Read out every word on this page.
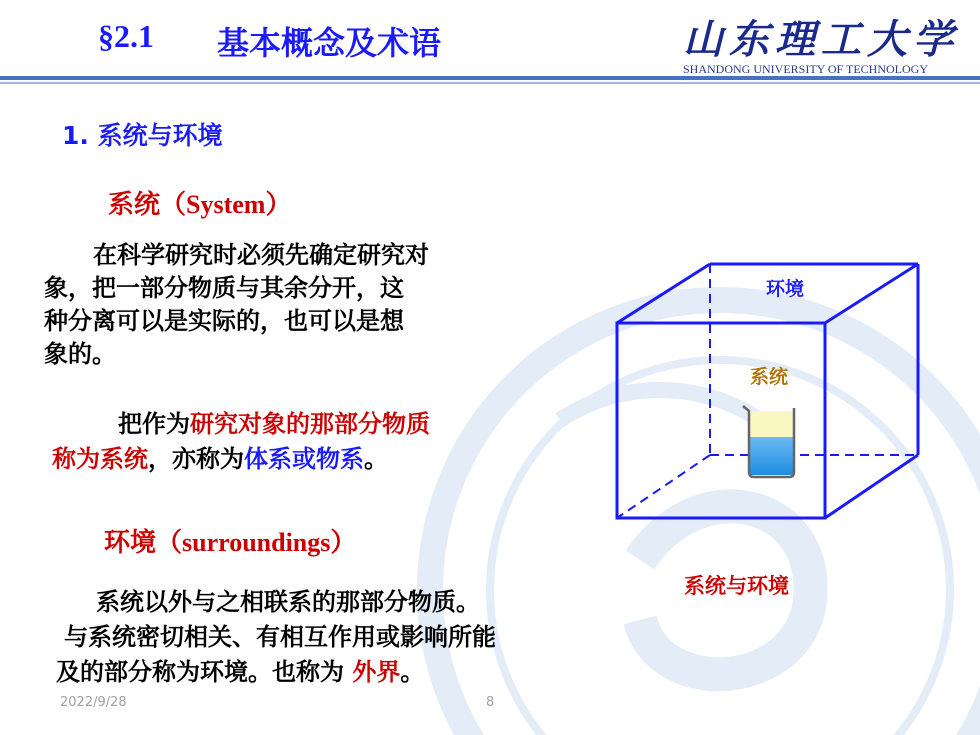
§2.1 基本概念及术语	山东理工大学
SHANDONG UNIVERSITY OF TECHNOLOGY
1. 系统与环境
系统（System）
在科学研究时必须先确定研究对
象，把一部分物质与其余分开，这
种分离可以是实际的，也可以是想
象的。
把作为研究对象的那部分物质
称为系统，亦称为体系或物系。
环境（surroundings）
系统以外与之相联系的那部分物质。
与系统密切相关、有相互作用或影响所能
及的部分称为环境。也称为 外界。
环境
系统
系统与环境
2022/9/28	8
